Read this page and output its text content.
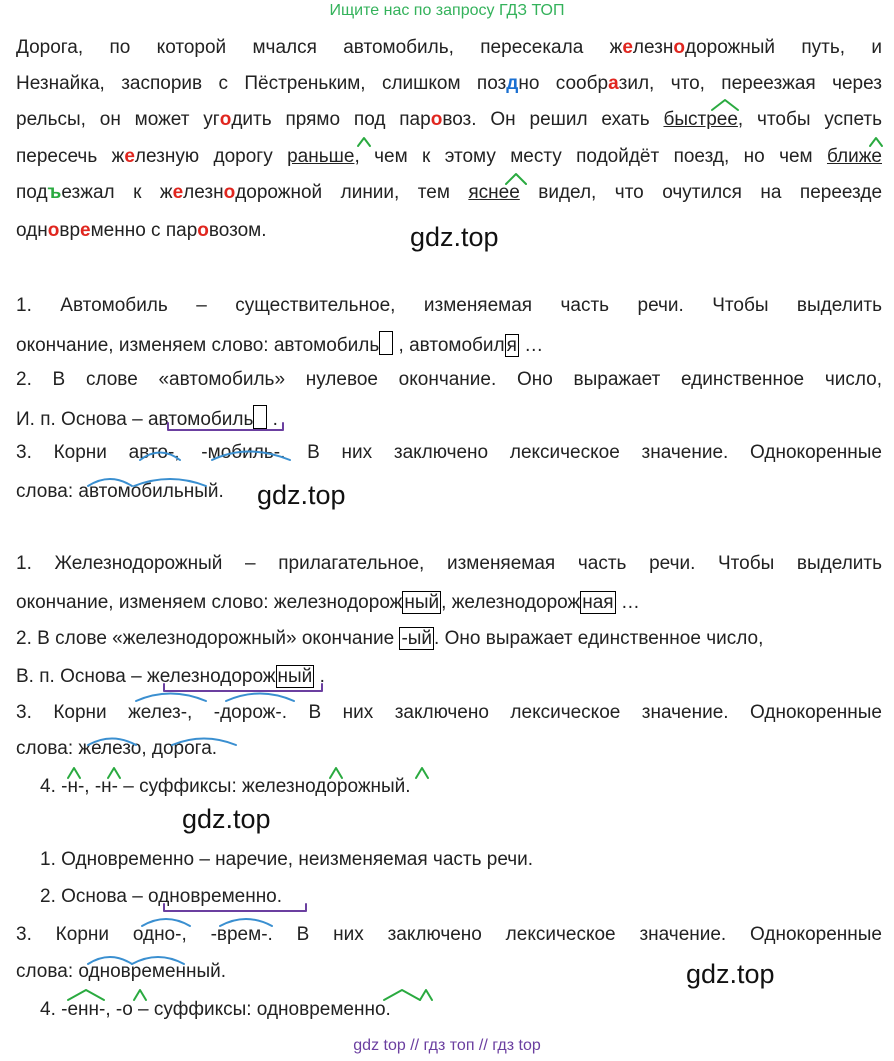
Ищите нас по запросу ГДЗ ТОП
Дорога, по которой мчался автомобиль, пересекала железнодорожный путь, и
Незнайка, заспорив с Пёстреньким, слишком поздно сообразил, что, переезжая через
рельсы, он может угодить прямо под паровоз. Он решил ехать быстрее, чтобы успеть
пересечь железную дорогу раньше, чем к этому месту подойдёт поезд, но чем ближе
подъезжал к железнодорожной линии, тем яснее видел, что очутился на переезде
одновременно с паровозом.	gdz.top
1. Автомобиль – существительное, изменяемая часть речи. Чтобы выделить
окончание, изменяем слово: автомобиль , автомобил я …
2. В слове «автомобиль» нулевое окончание. Оно выражает единственное число,
И. п. Основа – автомобиль .
3. Корни авто-, -мобиль-. В них заключено лексическое значение. Однокоренные
слова: автомобильный. gdz.top
1. Железнодорожный – прилагательное, изменяемая часть речи. Чтобы выделить
окончание, изменяем слово: железнодорож ный , железнодорож ная …
2. В слове «железнодорожный» окончание -ый . Оно выражает единственное число,
В. п. Основа – железнодорож ный .
3. Корни желез-, -дорож-. В них заключено лексическое значение. Однокоренные
слова: железо, дорога.
4. -н-, -н- – суффиксы: железнодорожный.
gdz.top
1. Одновременно – наречие, неизменяемая часть речи.
2. Основа – одновременно.
3. Корни одно-, -врем-. В них заключено лексическое значение. Однокоренные
слова: одновременный.	gdz.top
4. -енн-, -о – суффиксы: одновременно.
gdz top // гдз топ // гдз top
